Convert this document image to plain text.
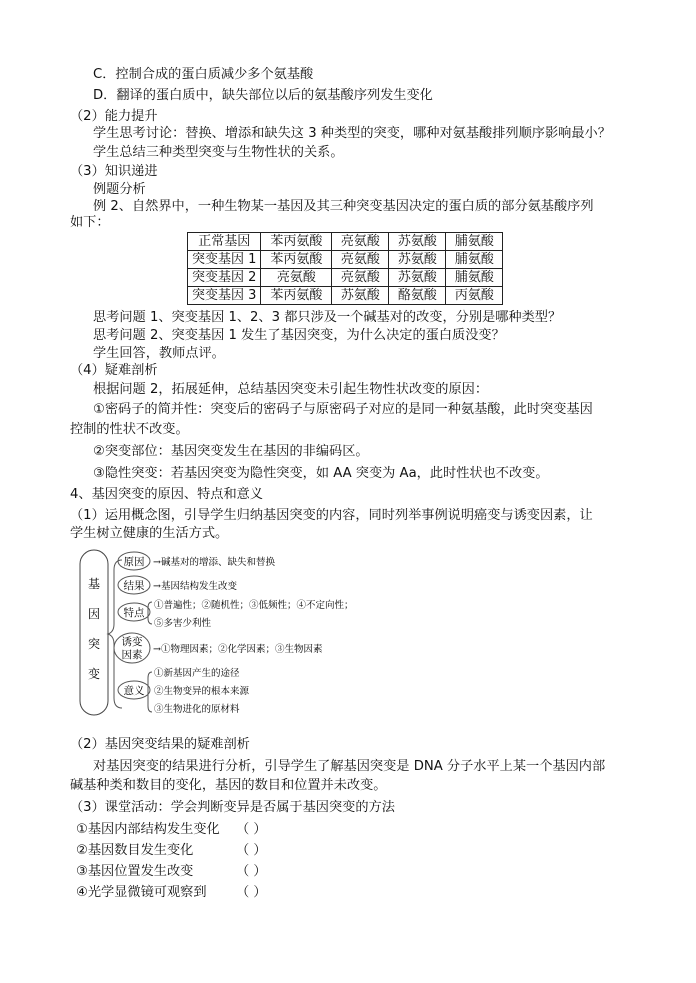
C．控制合成的蛋白质减少多个氨基酸
D．翻译的蛋白质中，缺失部位以后的氨基酸序列发生变化
（2）能力提升
学生思考讨论：替换、增添和缺失这 3 种类型的突变，哪种对氨基酸排列顺序影响最小？
学生总结三种类型突变与生物性状的关系。
（3）知识递进
例题分析
例 2、自然界中，一种生物某一基因及其三种突变基因决定的蛋白质的部分氨基酸序列
如下：
正常基因	苯丙氨酸	亮氨酸	苏氨酸	脯氨酸
突变基因 1	苯丙氨酸	亮氨酸	苏氨酸	脯氨酸
突变基因 2	亮氨酸	亮氨酸	苏氨酸	脯氨酸
突变基因 3	苯丙氨酸	苏氨酸	酪氨酸	丙氨酸
思考问题 1、突变基因 1、2、3 都只涉及一个碱基对的改变，分别是哪种类型？
思考问题 2、突变基因 1 发生了基因突变，为什么决定的蛋白质没变？
学生回答，教师点评。
（4）疑难剖析
根据问题 2，拓展延伸，总结基因突变未引起生物性状改变的原因：
①密码子的简并性：突变后的密码子与原密码子对应的是同一种氨基酸，此时突变基因
控制的性状不改变。
②突变部位：基因突变发生在基因的非编码区。
③隐性突变：若基因突变为隐性突变，如 AA 突变为 Aa，此时性状也不改变。
4、基因突变的原因、特点和意义
（1）运用概念图，引导学生归纳基因突变的内容，同时列举事例说明癌变与诱变因素，让
学生树立健康的生活方式。
基
因
突
变
原因 →碱基对的增添、缺失和替换
结果 →基因结构发生改变
特点
①普遍性；②随机性；③低频性；④不定向性；
⑤多害少利性
诱变
因素 →①物理因素；②化学因素；③生物因素
意义
①新基因产生的途径
②生物变异的根本来源
③生物进化的原材料
（2）基因突变结果的疑难剖析
对基因突变的结果进行分析，引导学生了解基因突变是 DNA 分子水平上某一个基因内部
碱基种类和数目的变化，基因的数目和位置并未改变。
（3）课堂活动：学会判断变异是否属于基因突变的方法
①基因内部结构发生变化 （ ）
②基因数目发生变化	（ ）
③基因位置发生改变	（ ）
④光学显微镜可观察到 （ ）
